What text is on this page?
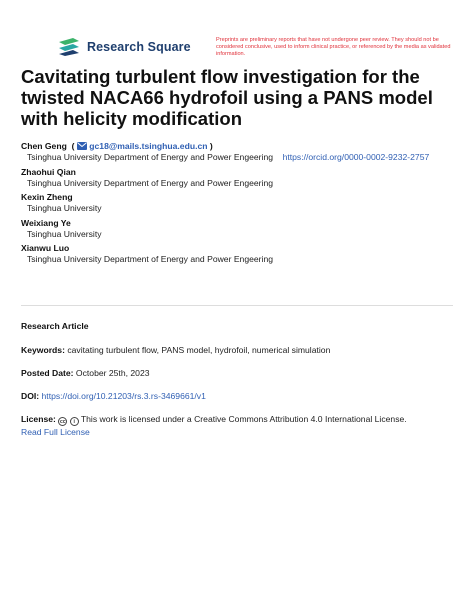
Research Square	Preprints are preliminary reports that have not undergone peer review. They should not be considered conclusive, used to inform clinical practice, or referenced by the media as validated information.
Cavitating turbulent flow investigation for the twisted NACA66 hydrofoil using a PANS model with helicity modification
Chen Geng  ( gc18@mails.tsinghua.edu.cn )
Tsinghua University Department of Energy and Power Engeering https://orcid.org/0000-0002-9232-2757
Zhaohui Qian
Tsinghua University Department of Energy and Power Engeering
Kexin Zheng
Tsinghua University
Weixiang Ye
Tsinghua University
Xianwu Luo
Tsinghua University Department of Energy and Power Engeering
Research Article
Keywords: cavitating turbulent flow, PANS model, hydrofoil, numerical simulation
Posted Date: October 25th, 2023
DOI: https://doi.org/10.21203/rs.3.rs-3469661/v1
License: cc i This work is licensed under a Creative Commons Attribution 4.0 International License.
Read Full License
